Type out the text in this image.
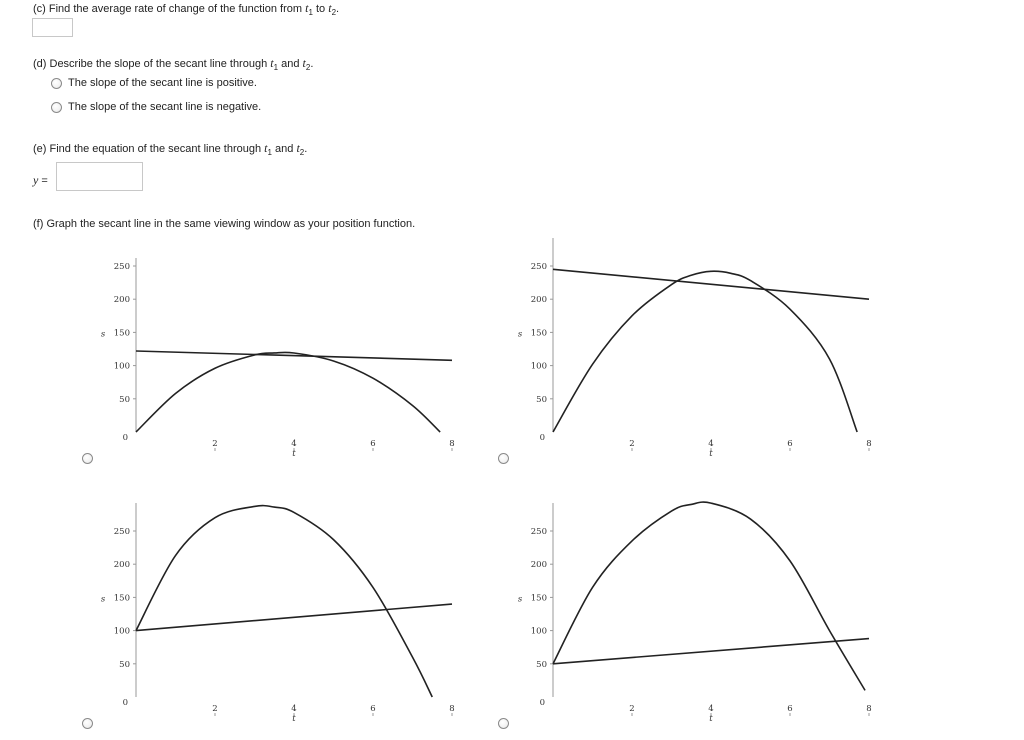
(c) Find the average rate of change of the function from $t_1$ to $t_2$.
(d) Describe the slope of the secant line through $t_1$ and $t_2$.
The slope of the secant line is positive.
The slope of the secant line is negative.
(e) Find the equation of the secant line through $t_1$ and $t_2$.
y =
(f) Graph the secant line in the same viewing window as your position function.
0
50
100
150
200
250
2	4	6	8
s
t
0
50
100
150
200
250
2	4	6	8
s
t
0
50
100
150
200
250
2	4	6	8
s
t
0
50
100
150
200
250
2	4	6	8
s
t
